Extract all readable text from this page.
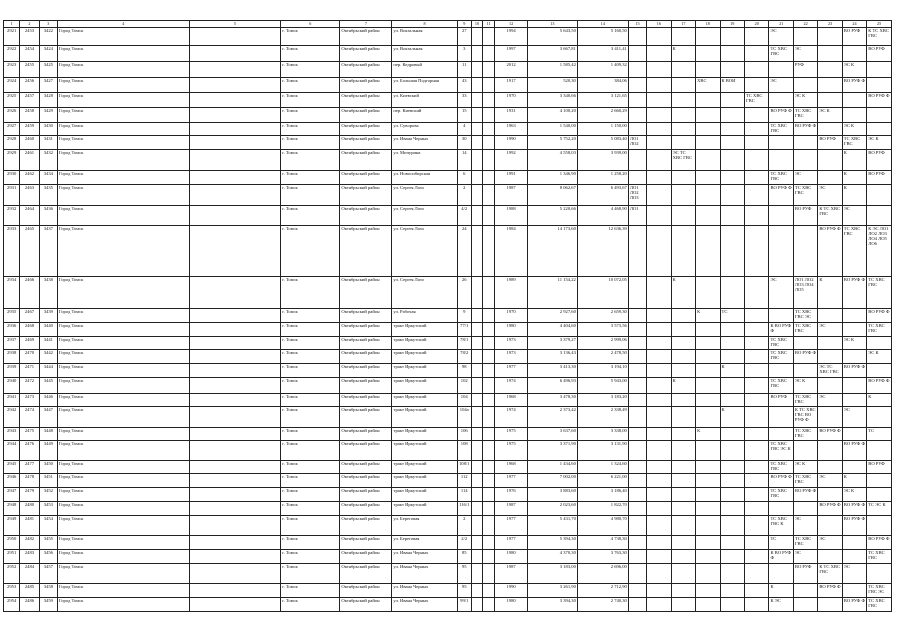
1	2	3	4	5	6	7	8	9	10	11	12	13	14	15	16	17	18	19	20	21	22	23	24	25
2921	2453	3422	Город Томск		г. Томск	Октябрьский район	ул. Вокзальная	27			1994	5 643,50	5 160,50							ЭС			ВО РУФ	К ТС ХВС ГВС
2922	2454	3424	Город Томск		г. Томск	Октябрьский район	ул. Вокзальная	3			1997	3 667,81	3 411,41			К				ТС ХВС ГВС	ЭС			ВО РУФ
2923	2455	3425	Город Томск		г. Томск	Октябрьский район	пер. Кедровый	11			2012	1 585,42	1 409,32								РУФ		ЭС К	
2924	2456	3427	Город Томск		г. Томск	Октябрьский район	ул. Большая Подгорная	43			1917	520,30	384,06				ХВС	К ВОИ		ЭС			ВО РУФ Ф	
2925	2457	3428	Город Томск		г. Томск	Октябрьский район	ул. Киевский	33			1970	3 340,66	3 121,65						ТС ХВС ГВС		ЭС К			ВО РУФ Ф
2926	2458	3429	Город Томск		г. Томск	Октябрьский район	пер. Киевский	15			1931	4 100,20	2 660,29							ВО РУФ Ф	ТС ХВС ГВС	ЭС К		
2927	2459	3430	Город Томск		г. Томск	Октябрьский район	ул. Суворова	4			1963	1 540,00	1 150,00							ТС ХВС ГВС	ВО РУФ Ф		ЭС К	
2928	2460	3431	Город Томск		г. Томск	Октябрьский район	ул. Ивана Черных	30			1990	5 752,20	5 083,40	ЛО1 ЛО2								ВО РУФ	ТС ХВС ГВС	ЭС К
2929	2461	3432	Город Томск		г. Томск	Октябрьский район	ул. Мичурина	14			1992	4 558,03	3 939,00			ЭС ТС ХВС ГВС							К	ВО РУФ
2930	2462	3434	Город Томск		г. Томск	Октябрьский район	ул. Новосибирская	6			1991	1 346,90	1 258,20							ТС ХВС ГВС	ЭС		К	ВО РУФ
2931	2463	3435	Город Томск		г. Томск	Октябрьский район	ул. Сергея Лазо	2			1987	8 062,67	6 493,67	ЛО1 ЛО2 ЛО3						ВО РУФ Ф	ТС ХВС ГВС	ЭС	К	
2932	2464	3436	Город Томск		г. Томск	Октябрьский район	ул. Сергея Лазо	4/2			1988	5 220,66	4 468,90	ЛО1							ВО РУФ	К ТС ХВС ГВС	ЭС	
2933	2465	3437	Город Томск		г. Томск	Октябрьский район	ул. Сергея Лазо	24			1984	14 173,60	12 636,39									ВО РУФ Ф	ТС ХВС ГВС	К ЭС ЛО1 ЛО2 ЛО3 ЛО4 ЛО5 ЛО6
2934	2466	3438	Город Томск		г. Томск	Октябрьский район	ул. Сергея Лазо	26			1989	11 154,22	10 072,05			К				ЭС	ЛО1 ЛО2 ЛО3 ЛО4 ЛО5	К	ВО РУФ Ф	ТС ХВС ГВС
2935	2467	3439	Город Томск		г. Томск	Октябрьский район	ул. Рабочая	9			1970	2 927,60	2 659,30				К	ТС			ТС ХВС ГВС ЭС			ВО РУФ Ф
2936	2468	3440	Город Томск		г. Томск	Октябрьский район	тракт Иркутский	77/1			1980	4 404,60	3 573,56							К ВО РУФ Ф	ТС ХВС ГВС	ЭС		ТС ХВС ГВС
2937	2469	3441	Город Томск		г. Томск	Октябрьский район	тракт Иркутский	78/1			1973	3 379,27	2 999,06							ТС ХВС ГВС			ЭС К	
2938	2470	3442	Город Томск		г. Томск	Октябрьский район	тракт Иркутский	78/2			1973	3 136,43	2 478,50							ТС ХВС ГВС	ВО РУФ Ф			ЭС К
2939	2471	3444	Город Томск		г. Томск	Октябрьский район	тракт Иркутский	98			1977	3 413,30	3 194,10					К				ЭС ТС ХВС ГВС	ВО РУФ Ф	
2940	2472	3445	Город Томск		г. Томск	Октябрьский район	тракт Иркутский	102			1974	6 496,93	5 943,00			К				ТС ХВС ГВС	ЭС К			ВО РУФ Ф
2941	2473	3446	Город Томск		г. Томск	Октябрьский район	тракт Иркутский	104			1968	3 478,30	3 183,20							ВО РУФ	ТС ХВС ГВС	ЭС		К
2942	2474	3447	Город Томск		г. Томск	Октябрьский район	тракт Иркутский	104а			1974	2 373,42	2 338,49					К			К ТС ХВС ГВС ВО РУФ Ф		ЭС	
2943	2475	3448	Город Томск		г. Томск	Октябрьский район	тракт Иркутский	106			1975	3 637,60	3 338,00				К				ТС ХВС ГВС	ВО РУФ Ф		ТС
2944	2476	3449	Город Томск		г. Томск	Октябрьский район	тракт Иркутский	108			1975	3 371,90	3 131,90							ТС ХВС ГВС ЭС К			ВО РУФ Ф	
2945	2477	3450	Город Томск		г. Томск	Октябрьский район	тракт Иркутский	108/1			1968	1 434,60	1 324,60							ТС ХВС ГВС	ЭС К			ВО РУФ
2946	2478	3451	Город Томск		г. Томск	Октябрьский район	тракт Иркутский	112			1977	7 002,00	6 221,00							ВО РУФ Ф	ТС ХВС ГВС	ЭС	К	
2947	2479	3452	Город Томск		г. Томск	Октябрьский район	тракт Иркутский	114			1976	3 883,60	3 186,40							ТС ХВС ГВС	ВО РУФ Ф		ЭС К	
2948	2480	3453	Город Томск		г. Томск	Октябрьский район	тракт Иркутский	116/1			1987	2 023,60	1 822,70									ВО РУФ Ф	ВО РУФ Ф	ТС ЭС К
2949	2481	3454	Город Томск		г. Томск	Октябрьский район	ул. Береговая	2			1977	5 431,70	4 980,70							ТС ХВС ГВС К	ЭС		ВО РУФ Ф	
2950	2482	3455	Город Томск		г. Томск	Октябрьский район	ул. Береговая	2/2			1977	5 394,30	4 738,30							ТС	ТС ХВС ГВС	ЭС		ВО РУФ Ф
2951	2483	3456	Город Томск		г. Томск	Октябрьский район	ул. Ивана Черных	85			1980	4 370,30	3 763,30							К ВО РУФ Ф	ЭС			ТС ХВС ГВС
2952	2484	3457	Город Томск		г. Томск	Октябрьский район	ул. Ивана Черных	95			1987	3 183,00	2 696,00								ВО РУФ	К ТС ХВС ГВС	ЭС	
2953	2485	3458	Город Томск		г. Томск	Октябрьский район	ул. Ивана Черных	95			1990	3 261,90	2 712,90							К		ВО РУФ Ф		ТС ХВС ГВС ЭС
2954	2486	3459	Город Томск		г. Томск	Октябрьский район	ул. Ивана Черных	99/1			1980	3 394,30	2 740,30							К ЭС			ВО РУФ Ф	ТС ХВС ГВС
